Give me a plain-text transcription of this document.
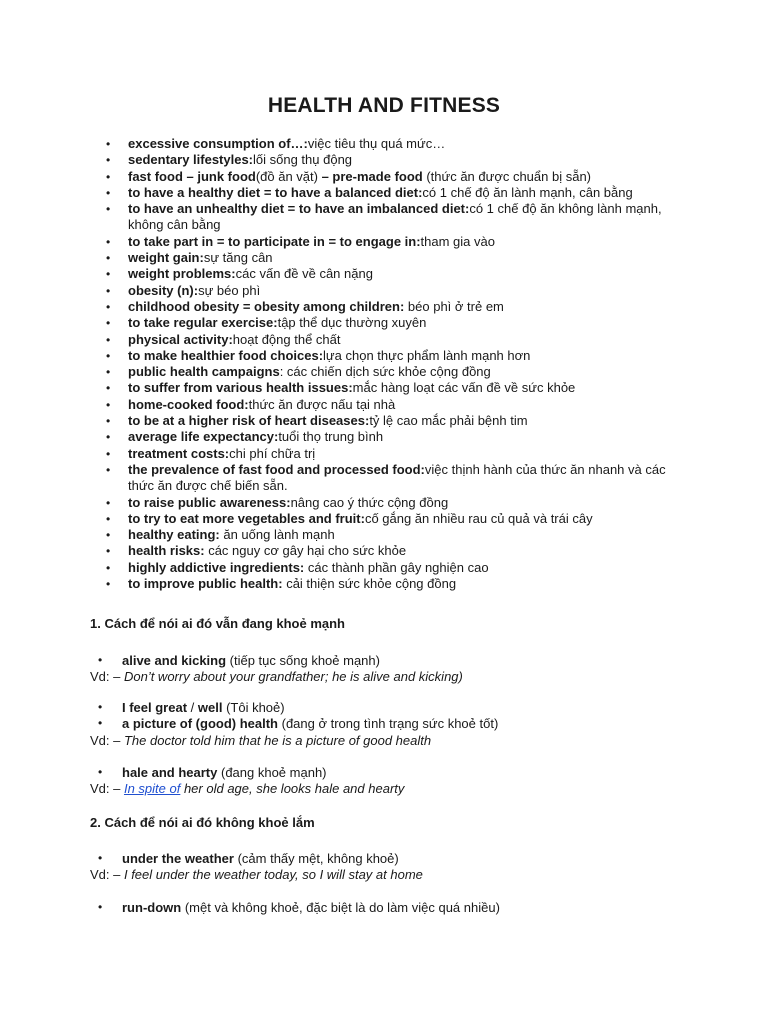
HEALTH AND FITNESS
• excessive consumption of…:việc tiêu thụ quá mức…
• sedentary lifestyles:lối sống thụ động
• fast food – junk food(đồ ăn vặt) – pre-made food (thức ăn được chuẩn bị sẵn)
• to have a healthy diet = to have a balanced diet:có 1 chế độ ăn lành mạnh, cân bằng
• to have an unhealthy diet = to have an imbalanced diet:có 1 chế độ ăn không lành mạnh, không cân bằng
• to take part in = to participate in = to engage in:tham gia vào
• weight gain:sự tăng cân
• weight problems:các vấn đề về cân nặng
• obesity (n):sự béo phì
• childhood obesity = obesity among children: béo phì ở trẻ em
• to take regular exercise:tập thể dục thường xuyên
• physical activity:hoạt động thể chất
• to make healthier food choices:lựa chọn thực phẩm lành mạnh hơn
• public health campaigns: các chiến dịch sức khỏe cộng đồng
• to suffer from various health issues:mắc hàng loạt các vấn đề về sức khỏe
• home-cooked food:thức ăn được nấu tại nhà
• to be at a higher risk of heart diseases:tỷ lệ cao mắc phải bệnh tim
• average life expectancy:tuổi thọ trung bình
• treatment costs:chi phí chữa trị
• the prevalence of fast food and processed food:việc thịnh hành của thức ăn nhanh và các thức ăn được chế biến sẵn.
• to raise public awareness:nâng cao ý thức cộng đồng
• to try to eat more vegetables and fruit:cố gắng ăn nhiều rau củ quả và trái cây
• healthy eating: ăn uống lành mạnh
• health risks: các nguy cơ gây hại cho sức khỏe
• highly addictive ingredients: các thành phần gây nghiện cao
• to improve public health: cải thiện sức khỏe cộng đồng
1. Cách để nói ai đó vẫn đang khoẻ mạnh
• alive and kicking (tiếp tục sống khoẻ mạnh)
Vd: – Don’t worry about your grandfather; he is alive and kicking)
• I feel great / well (Tôi khoẻ)
• a picture of (good) health (đang ở trong tình trạng sức khoẻ tốt)
Vd: – The doctor told him that he is a picture of good health
• hale and hearty (đang khoẻ mạnh)
Vd: – In spite of her old age, she looks hale and hearty
2. Cách để nói ai đó không khoẻ lắm
• under the weather (cảm thấy mệt, không khoẻ)
Vd: – I feel under the weather today, so I will stay at home
• run-down (mệt và không khoẻ, đặc biệt là do làm việc quá nhiều)
